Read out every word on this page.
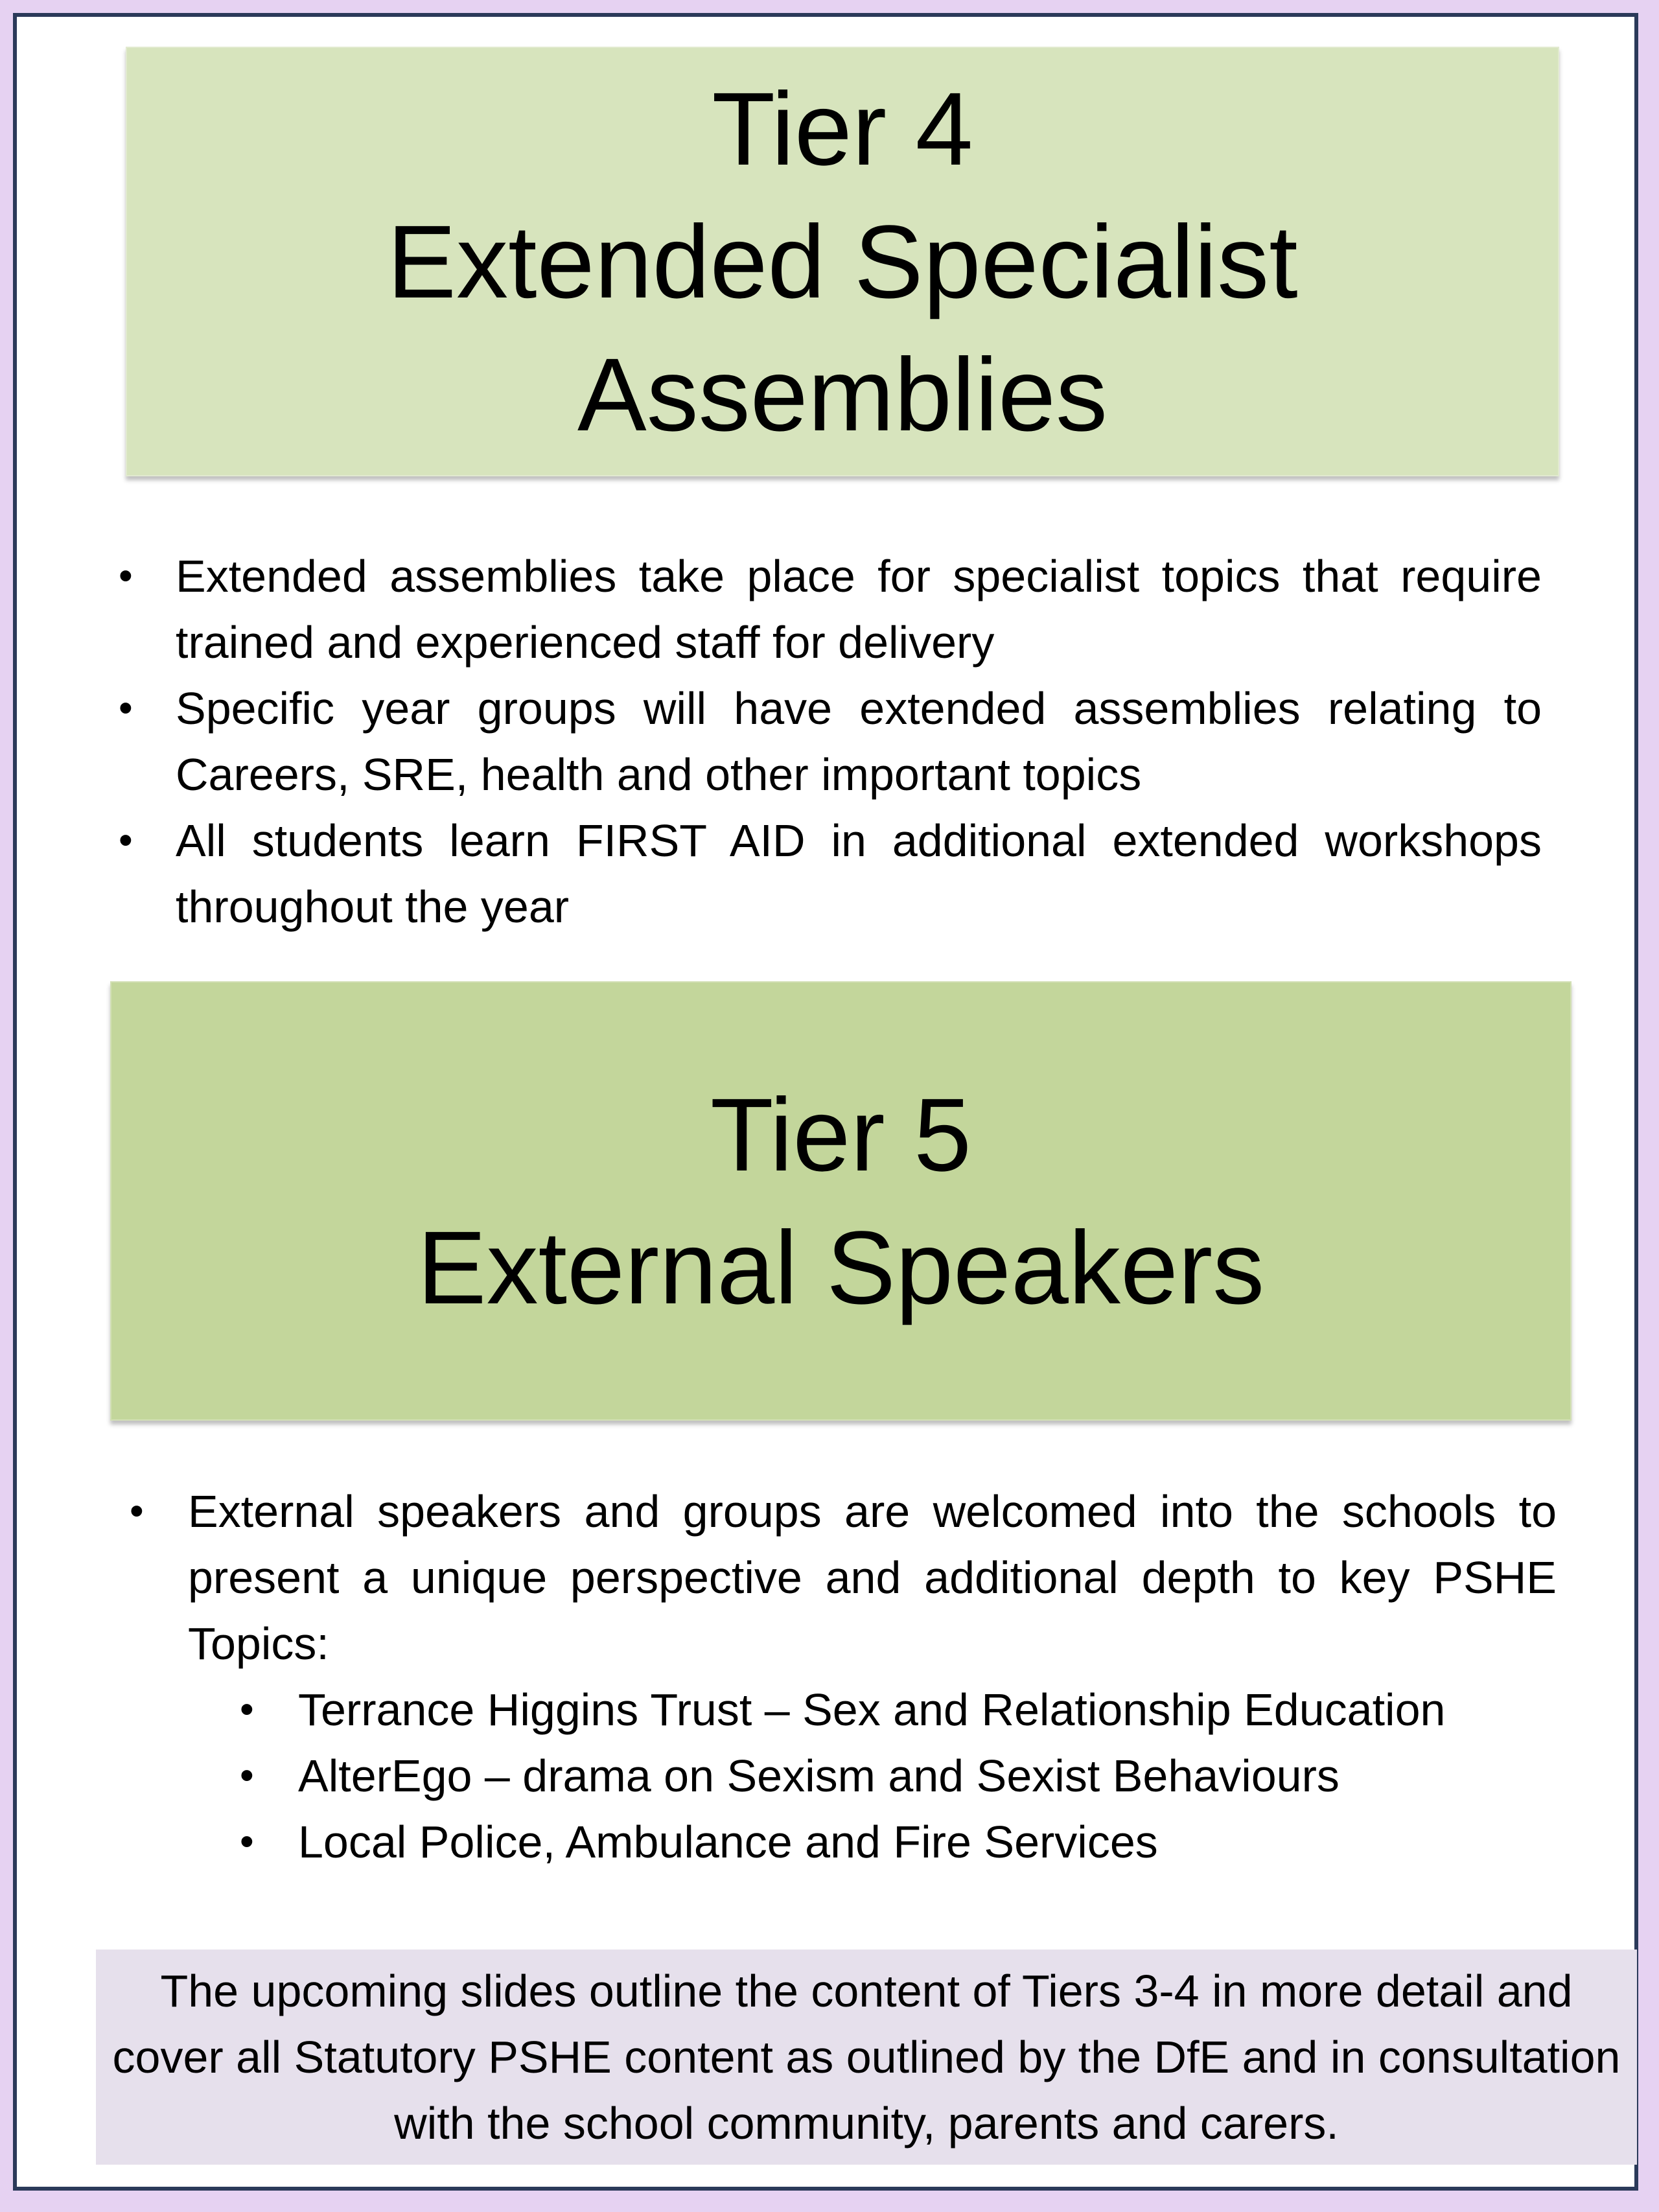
Tier 4
Extended Specialist
Assemblies
• Extended assemblies take place for specialist topics that require trained and experienced staff for delivery
• Specific year groups will have extended assemblies relating to Careers, SRE, health and other important topics
• All students learn FIRST AID in additional extended workshops throughout the year
Tier 5
External Speakers
• External speakers and groups are welcomed into the schools to present a unique perspective and additional depth to key PSHE Topics:
• Terrance Higgins Trust – Sex and Relationship Education
• AlterEgo – drama on Sexism and Sexist Behaviours
• Local Police, Ambulance and Fire Services
The upcoming slides outline the content of Tiers 3-4 in more detail and cover all Statutory PSHE content as outlined by the DfE and in consultation with the school community, parents and carers.
